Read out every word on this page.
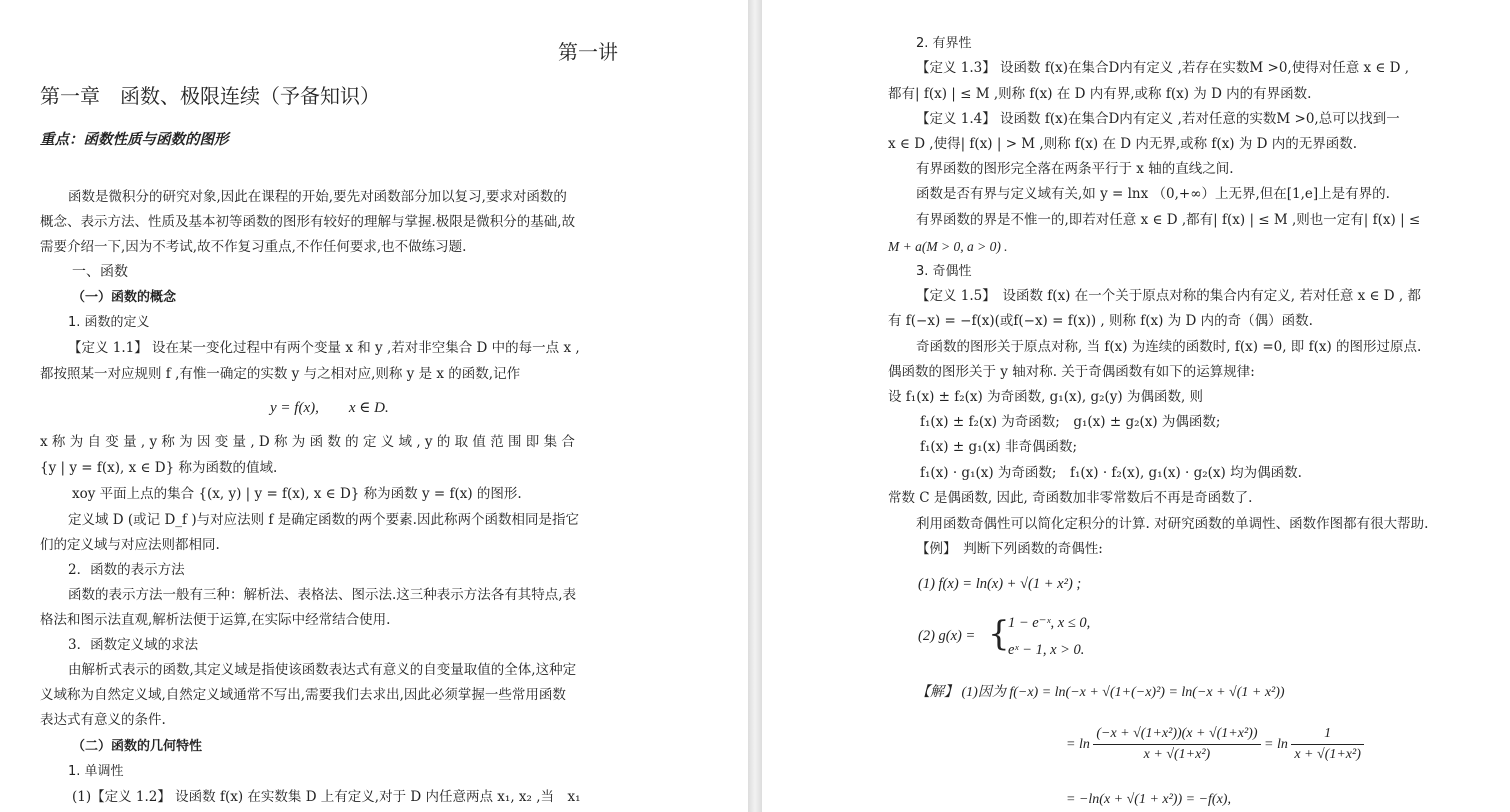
第一讲
第一章　函数、极限连续（予备知识）
重点：函数性质与函数的图形
函数是微积分的研究对象,因此在课程的开始,要先对函数部分加以复习,要求对函数的
概念、表示方法、性质及基本初等函数的图形有较好的理解与掌握.极限是微积分的基础,故
需要介绍一下,因为不考试,故不作复习重点,不作任何要求,也不做练习题.
一、函数
（一）函数的概念
1. 函数的定义
【定义 1.1】 设在某一变化过程中有两个变量 x 和 y ,若对非空集合 D 中的每一点 x ,
都按照某一对应规则 f ,有惟一确定的实数 y 与之相对应,则称 y 是 x 的函数,记作
y = f(x),　　x ∈ D.
x 称 为 自 变 量 , y 称 为 因 变 量 , D 称 为 函 数 的 定 义 域 , y 的 取 值 范 围 即 集 合
{y | y = f(x), x ∈ D} 称为函数的值域.
xoy 平面上点的集合 {(x, y) | y = f(x), x ∈ D} 称为函数 y = f(x) 的图形.
定义域 D (或记 D_f )与对应法则 f 是确定函数的两个要素.因此称两个函数相同是指它
们的定义域与对应法则都相同.
2．函数的表示方法
函数的表示方法一般有三种：解析法、表格法、图示法.这三种表示方法各有其特点,表
格法和图示法直观,解析法便于运算,在实际中经常结合使用.
3．函数定义域的求法
由解析式表示的函数,其定义域是指使该函数表达式有意义的自变量取值的全体,这种定
义域称为自然定义域,自然定义域通常不写出,需要我们去求出,因此必须掌握一些常用函数
表达式有意义的条件.
（二）函数的几何特性
1. 单调性
(1)【定义 1.2】 设函数 f(x) 在实数集 D 上有定义,对于 D 内任意两点 x₁, x₂ ,当　x₁
2. 有界性
【定义 1.3】 设函数 f(x)在集合D内有定义 ,若存在实数M >0,使得对任意 x ∈ D ,
都有| f(x) | ≤ M ,则称 f(x) 在 D 内有界,或称 f(x) 为 D 内的有界函数.
【定义 1.4】 设函数 f(x)在集合D内有定义 ,若对任意的实数M >0,总可以找到一
x ∈ D ,使得| f(x) | > M ,则称 f(x) 在 D 内无界,或称 f(x) 为 D 内的无界函数.
有界函数的图形完全落在两条平行于 x 轴的直线之间.
函数是否有界与定义域有关,如 y = lnx （0,+∞）上无界,但在[1,e]上是有界的.
有界函数的界是不惟一的,即若对任意 x ∈ D ,都有| f(x) | ≤ M ,则也一定有| f(x) | ≤
M + a(M > 0, a > 0) .
3. 奇偶性
【定义 1.5】　设函数 f(x) 在一个关于原点对称的集合内有定义, 若对任意 x ∈ D , 都
有 f(−x) = −f(x)(或f(−x) = f(x)) , 则称 f(x) 为 D 内的奇（偶）函数.
奇函数的图形关于原点对称, 当 f(x) 为连续的函数时, f(x) =0, 即 f(x) 的图形过原点.
偶函数的图形关于 y 轴对称. 关于奇偶函数有如下的运算规律:
设 f₁(x) ± f₂(x) 为奇函数, g₁(x), g₂(y) 为偶函数, 则
f₁(x) ± f₂(x) 为奇函数;　g₁(x) ± g₂(x) 为偶函数;
f₁(x) ± g₁(x) 非奇偶函数;
f₁(x) · g₁(x) 为奇函数;　f₁(x) · f₂(x), g₁(x) · g₂(x) 均为偶函数.
常数 C 是偶函数, 因此, 奇函数加非零常数后不再是奇函数了.
利用函数奇偶性可以简化定积分的计算. 对研究函数的单调性、函数作图都有很大帮助.
【例】　判断下列函数的奇偶性:
(1) f(x) = ln(x) + √(1 + x²) ;
(2) g(x) = {
1 − e⁻ˣ, x ≤ 0,
eˣ − 1, x > 0.
【解】 (1)因为 f(−x) = ln(−x + √(1+(−x)²) = ln(−x + √(1 + x²))
= $\ln \frac{\text{(−x + √(1+x²))(x + √(1+x²))}}{\text{x + √(1+x²)}} = \ln \frac{1}{\text{x + √(1+x²)}}$
= −ln(x + √(1 + x²)) = −f(x),
